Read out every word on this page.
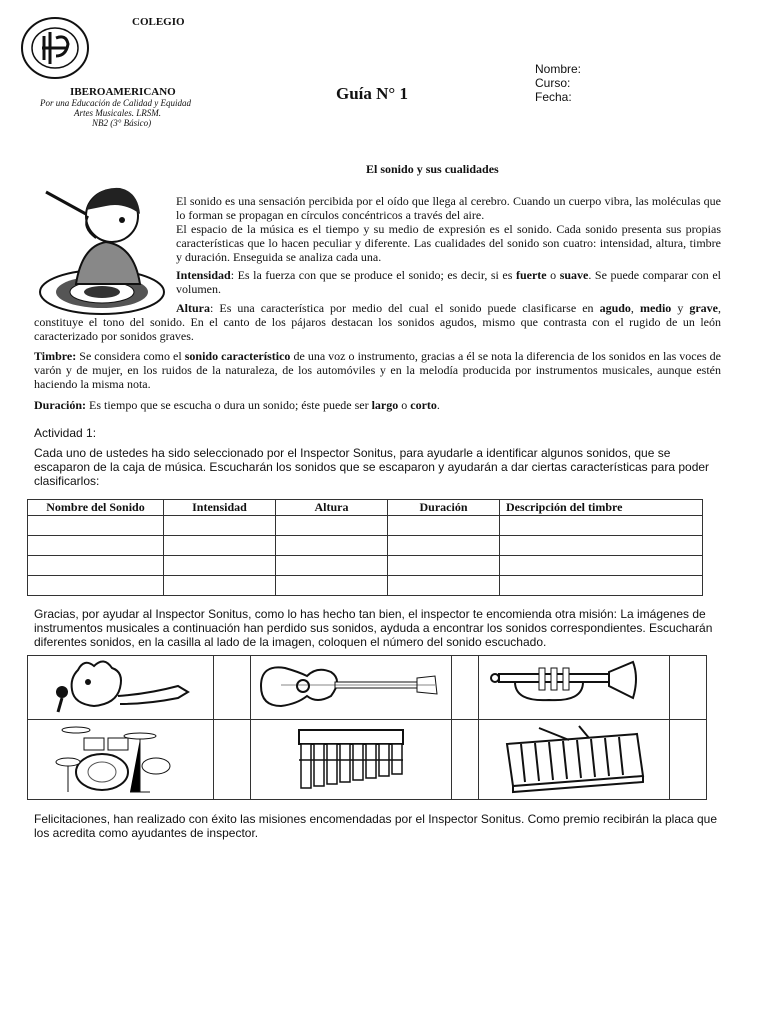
COLEGIO
IBEROAMERICANO
Por una Educación de Calidad y Equidad
Artes Musicales. LRSM.
NB2 (3° Básico)
Guía N° 1
Nombre:
Curso:
Fecha:
El sonido y sus cualidades

El sonido es una sensación percibida por el oído que llega al cerebro. Cuando un cuerpo vibra, las moléculas que lo forman se propagan en círculos concéntricos a través del aire.

El espacio de la música es el tiempo y su medio de expresión es el sonido. Cada sonido presenta sus propias características que lo hacen peculiar y diferente. Las cualidades del sonido son cuatro: intensidad, altura, timbre y duración. Enseguida se analiza cada una.

Intensidad: Es la fuerza con que se produce el sonido; es decir, si es fuerte o suave. Se puede comparar con el volumen.
Altura: Es una característica por medio del cual el sonido puede clasificarse en agudo, medio y grave, constituye el tono del sonido. En el canto de los pájaros destacan los sonidos agudos, mismo que contrasta con el rugido de un león caracterizado por sonidos graves.
Timbre: Se considera como el sonido característico de una voz o instrumento, gracias a él se nota la diferencia de los sonidos en las voces de varón y de mujer, en los ruidos de la naturaleza, de los automóviles y en la melodía producida por instrumentos musicales, aunque estén haciendo la misma nota.
Duración: Es tiempo que se escucha o dura un sonido; éste puede ser largo o corto.
Actividad 1:
Cada uno de ustedes ha sido seleccionado por el Inspector Sonitus, para ayudarle a identificar algunos sonidos, que se escaparon de la caja de música. Escucharán los sonidos que se escaparon y ayudarán a dar ciertas características para poder clasificarlos:
Nombre del Sonido	Intensidad	Altura	Duración	Descripción del timbre

Gracias, por ayudar al Inspector Sonitus, como lo has hecho tan bien, el inspector te encomienda otra misión: La imágenes de instrumentos musicales a continuación han perdido sus sonidos, ayduda a encontrar los sonidos correspondientes. Escucharán diferentes sonidos, en la casilla al lado de la imagen, coloquen el número del sonido escuchado.

Felicitaciones, han realizado con éxito las misiones encomendadas por el Inspector Sonitus. Como premio recibirán la placa que los acredita como ayudantes de inspector.
